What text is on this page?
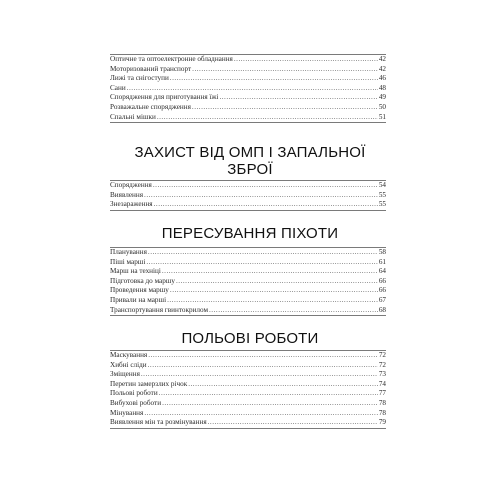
Оптичне та оптоелектронне обладнання .....	42
Моторизований транспорт .....	42
Лижі та снігоступи .....	46
Сани .....	48
Спорядження для приготування їжі .....	49
Розважальне спорядження .....	50
Спальні мішки .....	51

ЗАХИСТ ВІД ОМП І ЗАПАЛЬНОЇ

ЗБРОЇ

Спорядження .....	54
Виявлення .....	55
Знезараження .....	55

ПЕРЕСУВАННЯ ПІХОТИ

Планування .....	58
Піші марші .....	61
Марш на техніці .....	64
Підготовка до маршу .....	66
Проведення маршу .....	66
Привали на марші .....	67
Транспортування гвинтокрилом .....	68

ПОЛЬОВІ РОБОТИ

Маскування .....	72
Хибні сліди .....	72
Зміщення .....	73
Перетин замерзлих річок .....	74
Польові роботи .....	77
Вибухові роботи .....	78
Мінування .....	78
Виявлення мін та розмінування .....	79
